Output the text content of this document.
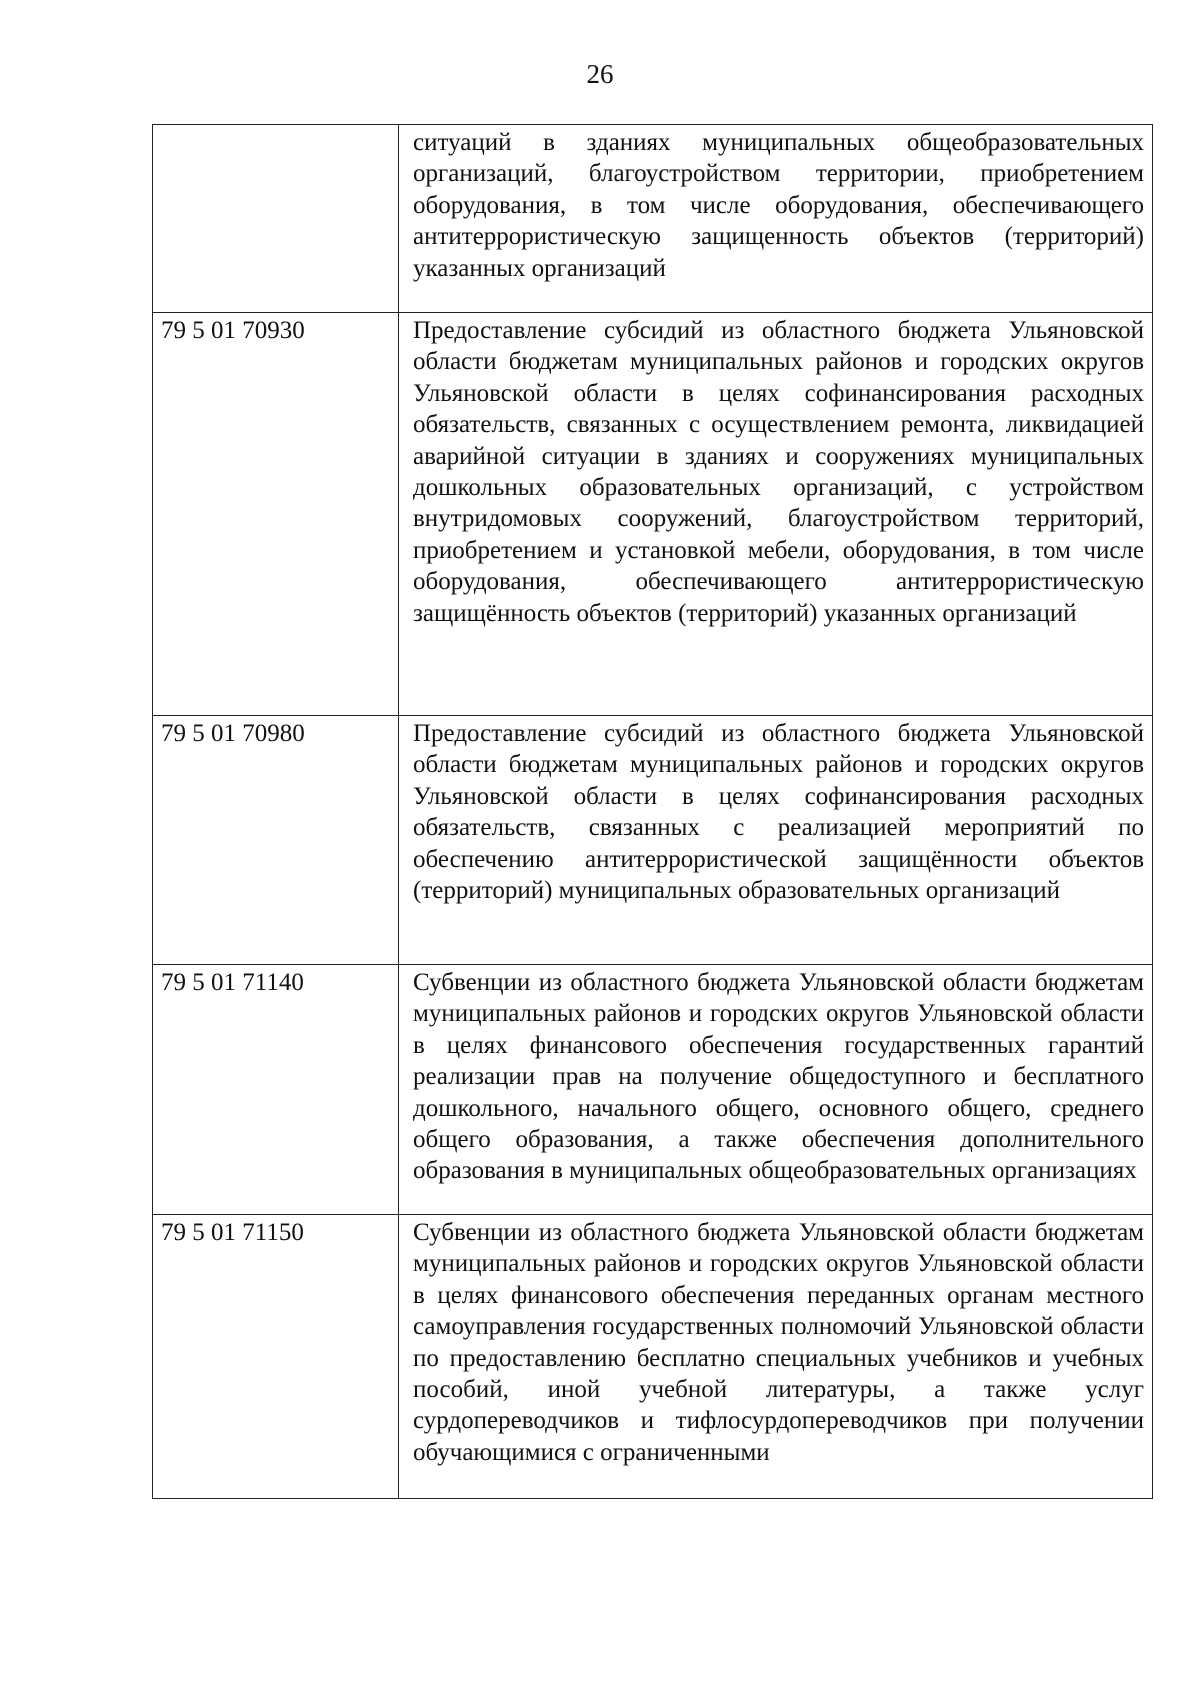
26
	ситуаций в зданиях муниципальных общеобразовательных организаций, благоустройством территории, приобретением оборудования, в том числе оборудования, обеспечивающего антитеррористическую защищенность объектов (территорий) указанных организаций
79 5 01 70930	Предоставление субсидий из областного бюджета Ульяновской области бюджетам муниципальных районов и городских округов Ульяновской области в целях софинансирования расходных обязательств, связанных с осуществлением ремонта, ликвидацией аварийной ситуации в зданиях и сооружениях муниципальных дошкольных образовательных организаций, с устройством внутридомовых сооружений, благоустройством территорий, приобретением и установкой мебели, оборудования, в том числе оборудования, обеспечивающего антитеррористическую защищённость объектов (территорий) указанных организаций
79 5 01 70980	Предоставление субсидий из областного бюджета Ульяновской области бюджетам муниципальных районов и городских округов Ульяновской области в целях софинансирования расходных обязательств, связанных с реализацией мероприятий по обеспечению антитеррористической защищённости объектов (территорий) муниципальных образовательных организаций
79 5 01 71140	Субвенции из областного бюджета Ульяновской области бюджетам муниципальных районов и городских округов Ульяновской области в целях финансового обеспечения государственных гарантий реализации прав на получение общедоступного и бесплатного дошкольного, начального общего, основного общего, среднего общего образования, а также обеспечения дополнительного образования в муниципальных общеобразовательных организациях
79 5 01 71150	Субвенции из областного бюджета Ульяновской области бюджетам муниципальных районов и городских округов Ульяновской области в целях финансового обеспечения переданных органам местного самоуправления государственных полномочий Ульяновской области по предоставлению бесплатно специальных учебников и учебных пособий, иной учебной литературы, а также услуг сурдопереводчиков и тифлосурдопереводчиков при получении обучающимися с ограниченными
